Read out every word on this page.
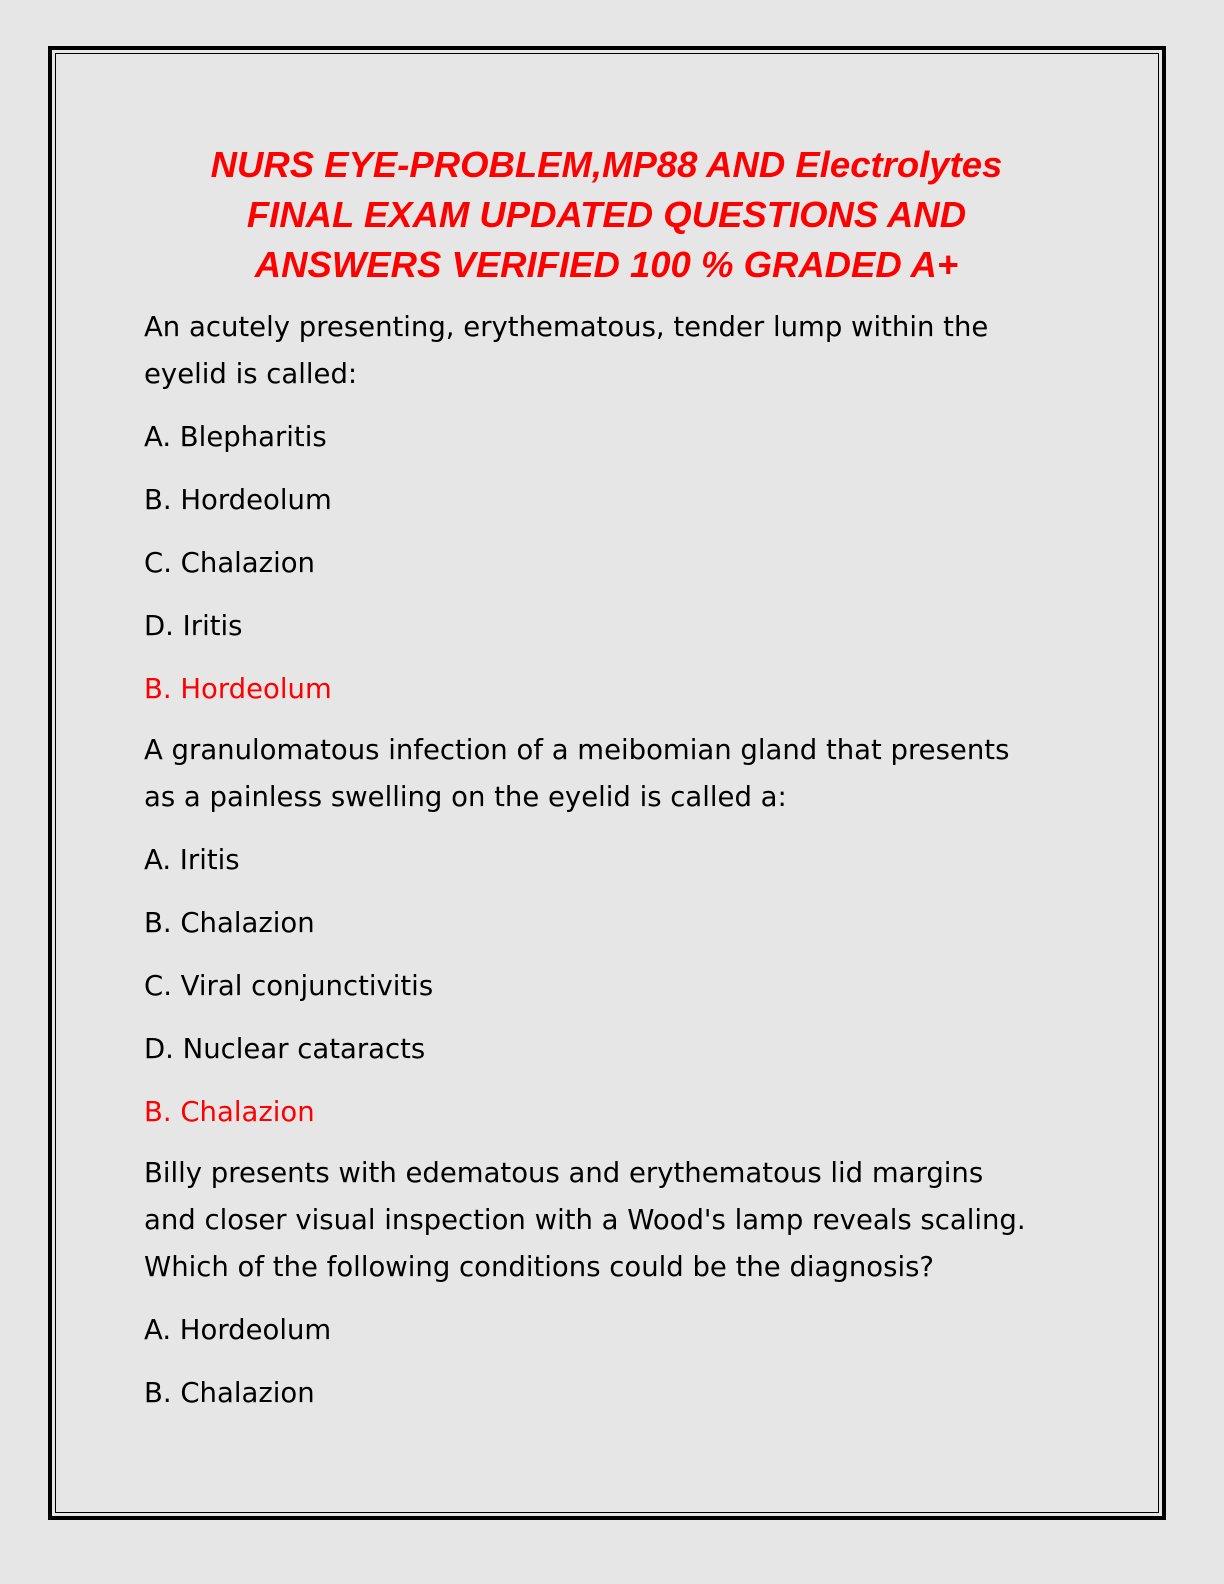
NURS EYE-PROBLEM,MP88 AND Electrolytes
FINAL EXAM UPDATED QUESTIONS AND
ANSWERS VERIFIED 100 % GRADED A+
An acutely presenting, erythematous, tender lump within the
eyelid is called:
A. Blepharitis
B. Hordeolum
C. Chalazion
D. Iritis
B. Hordeolum
A granulomatous infection of a meibomian gland that presents
as a painless swelling on the eyelid is called a:
A. Iritis
B. Chalazion
C. Viral conjunctivitis
D. Nuclear cataracts
B. Chalazion
Billy presents with edematous and erythematous lid margins
and closer visual inspection with a Wood's lamp reveals scaling.
Which of the following conditions could be the diagnosis?
A. Hordeolum
B. Chalazion
